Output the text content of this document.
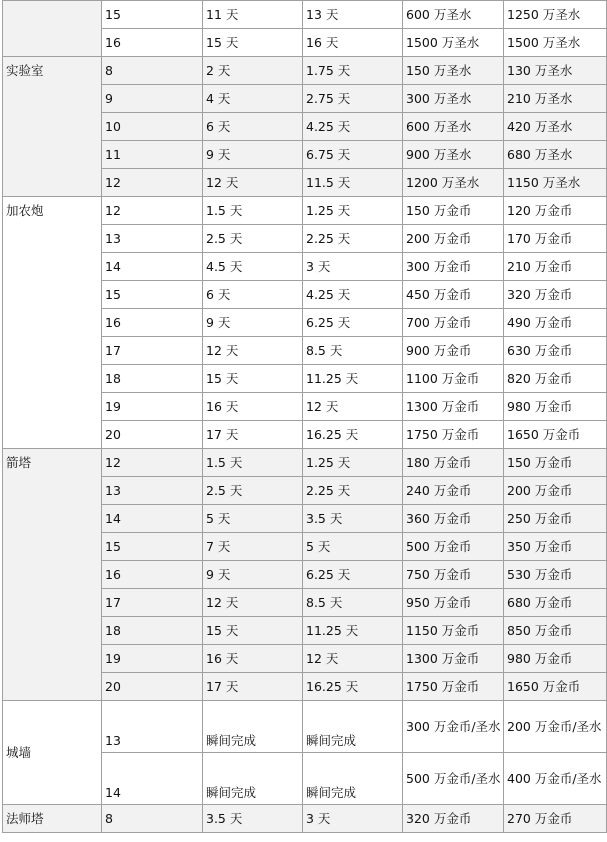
	15	11 天	13 天	600 万圣水	1250 万圣水
	16	15 天	16 天	1500 万圣水	1500 万圣水
实验室	8	2 天	1.75 天	150 万圣水	130 万圣水
	9	4 天	2.75 天	300 万圣水	210 万圣水
	10	6 天	4.25 天	600 万圣水	420 万圣水
	11	9 天	6.75 天	900 万圣水	680 万圣水
	12	12 天	11.5 天	1200 万圣水	1150 万圣水
加农炮	12	1.5 天	1.25 天	150 万金币	120 万金币
	13	2.5 天	2.25 天	200 万金币	170 万金币
	14	4.5 天	3 天	300 万金币	210 万金币
	15	6 天	4.25 天	450 万金币	320 万金币
	16	9 天	6.25 天	700 万金币	490 万金币
	17	12 天	8.5 天	900 万金币	630 万金币
	18	15 天	11.25 天	1100 万金币	820 万金币
	19	16 天	12 天	1300 万金币	980 万金币
	20	17 天	16.25 天	1750 万金币	1650 万金币
箭塔	12	1.5 天	1.25 天	180 万金币	150 万金币
	13	2.5 天	2.25 天	240 万金币	200 万金币
	14	5 天	3.5 天	360 万金币	250 万金币
	15	7 天	5 天	500 万金币	350 万金币
	16	9 天	6.25 天	750 万金币	530 万金币
	17	12 天	8.5 天	950 万金币	680 万金币
	18	15 天	11.25 天	1150 万金币	850 万金币
	19	16 天	12 天	1300 万金币	980 万金币
	20	17 天	16.25 天	1750 万金币	1650 万金币
城墙	13	瞬间完成	瞬间完成	300 万金币/圣水	200 万金币/圣水
	14	瞬间完成	瞬间完成	500 万金币/圣水	400 万金币/圣水
法师塔	8	3.5 天	3 天	320 万金币	270 万金币
